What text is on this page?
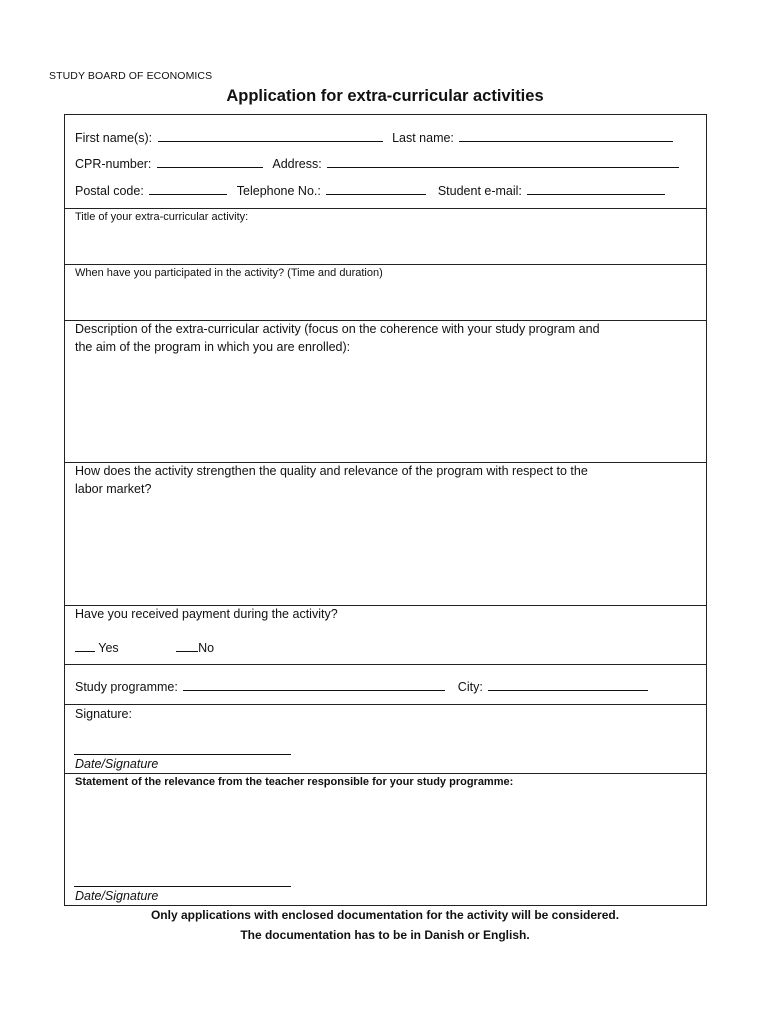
STUDY BOARD OF ECONOMICS
Application for extra-curricular activities
First name(s):	Last name:
CPR-number:	Address:
Postal code:	Telephone No.:	Student e-mail:
Title of your extra-curricular activity:
When have you participated in the activity? (Time and duration)
Description of the extra-curricular activity (focus on the coherence with your study program and
the aim of the program in which you are enrolled):
How does the activity strengthen the quality and relevance of the program with respect to the
labor market?
Have you received payment during the activity?
Yes	No
Study programme:	City:
Signature:
Date/Signature
Statement of the relevance from the teacher responsible for your study programme:
Date/Signature
Only applications with enclosed documentation for the activity will be considered.
The documentation has to be in Danish or English.
